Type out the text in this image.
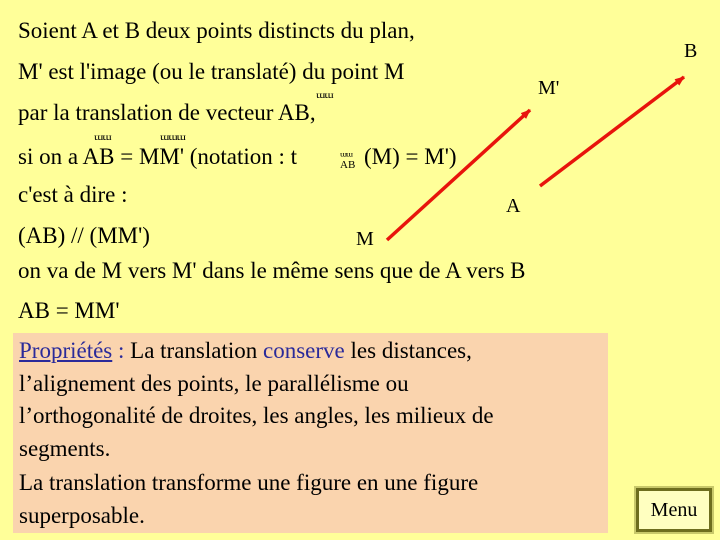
Soient A et B deux points distincts du plan,
M' est l'image (ou le translaté) du point M
ɯɯ
par la translation de vecteur AB,
ɯɯ	ɯɯɯ
si on a AB = MM' (notation : t	ɯɯ
AB (M) = M')
c'est à dire :
(AB) // (MM')
on va de M vers M' dans le même sens que de A vers B
AB = MM'
M'
B
A
M
Propriétés : La translation conserve les distances,
l’alignement des points, le parallélisme ou
l’orthogonalité de droites, les angles, les milieux de
segments.
La translation transforme une figure en une figure
superposable.	Menu
